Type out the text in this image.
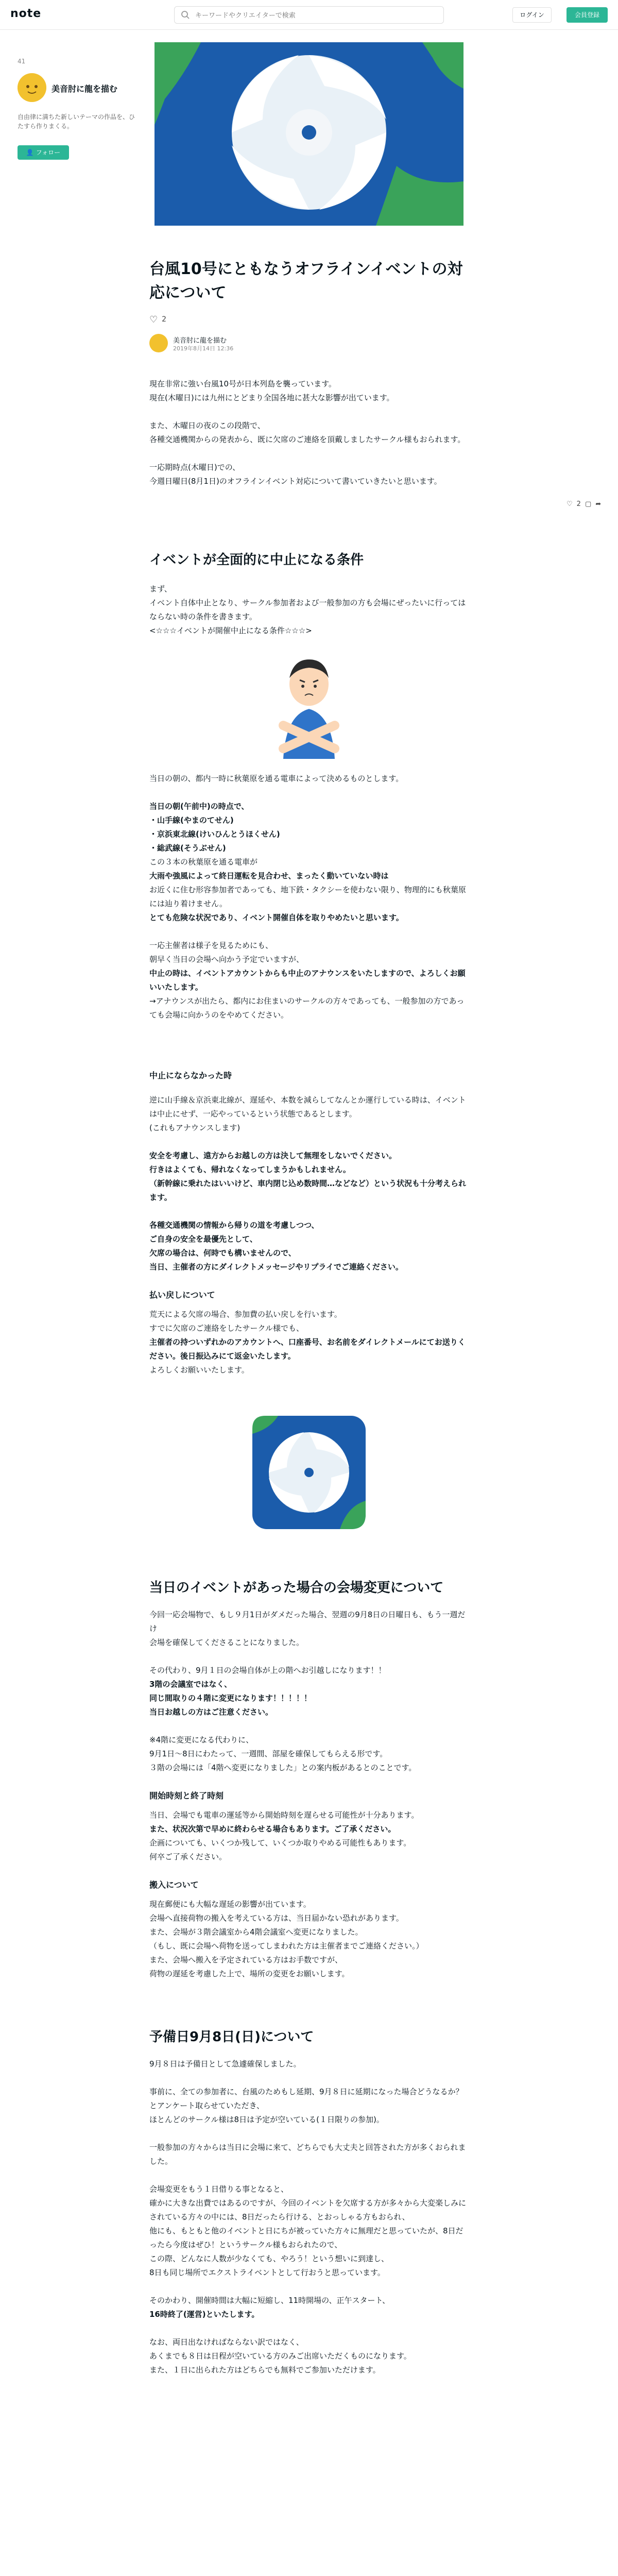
note
キーワードやクリエイターで検索	ログイン	会員登録
41
美音肘に龍を描む
自由律に満ちた新しいテーマの作品を、ひたすら作りまくる。
👤 フォロー
♡ 2 ▢ ➦
台風10号にともなうオフラインイベントの対応について
♡ 2
美音肘に龍を描む
2019年8月14日 12:36
現在非常に強い台風10号が日本列島を襲っています。
現在(木曜日)には九州にとどまり全国各地に甚大な影響が出ています。
また、木曜日の夜のこの段階で、
各種交通機関からの発表から、既に欠席のご連絡を頂戴しましたサークル様もおられます。
一応期時点(木曜日)での、
今週日曜日(8月1日)のオフラインイベント対応について書いていきたいと思います。
イベントが全面的に中止になる条件
まず、
イベント自体中止となり、サークル参加者および一般参加の方も会場にぜったいに行ってはならない時の条件を書きます。
<☆☆☆イベントが開催中止になる条件☆☆☆>
当日の朝の、都内一時に秋葉原を通る電車によって決めるものとします。
当日の朝(午前中)の時点で、
・山手線(やまのてせん)
・京浜東北線(けいひんとうほくせん)
・総武線(そうぶせん)
この３本の秋葉原を通る電車が
大雨や強風によって終日運転を見合わせ、まったく動いていない時は
お近くに住む形容参加者であっても、地下鉄・タクシーを使わない限り、物理的にも秋葉原には辿り着けません。
とても危険な状況であり、イベント開催自体を取りやめたいと思います。
一応主催者は様子を見るためにも、
朝早く当日の会場へ向かう予定でいますが、
中止の時は、イベントアカウントからも中止のアナウンスをいたしますので、よろしくお願いいたします。
→アナウンスが出たら、都内にお住まいのサークルの方々であっても、一般参加の方であっても会場に向かうのをやめてください。
中止にならなかった時
逆に山手線＆京浜東北線が、遅延や、本数を減らしてなんとか運行している時は、イベントは中止にせず、一応やっているという状態であるとします。
(これもアナウンスします)
安全を考慮し、遠方からお越しの方は決して無理をしないでください。
行きはよくても、帰れなくなってしまうかもしれません。
（新幹線に乗れたはいいけど、車内閉じ込め数時間…などなど）という状況も十分考えられます。
各種交通機関の情報から帰りの道を考慮しつつ、
ご自身の安全を最優先として、
欠席の場合は、何時でも構いませんので、
当日、主催者の方にダイレクトメッセージやリプライでご連絡ください。
払い戻しについて
荒天による欠席の場合、参加費の払い戻しを行います。
すでに欠席のご連絡をしたサークル様でも、
主催者の持ついずれかのアカウントへ、口座番号、お名前をダイレクトメールにてお送りください。後日振込みにて返金いたします。
よろしくお願いいたします。
当日のイベントがあった場合の会場変更について
今回一応会場物で、もし９月1日がダメだった場合、翌週の9月8日の日曜日も、もう一週だけ
会場を確保してくださることになりました。
その代わり、9月１日の会場自体が上の階へお引越しになります！！
3階の会議室ではなく、
同じ間取りの４階に変更になります！！！！！
当日お越しの方はご注意ください。
※4階に変更になる代わりに、
9月1日〜8日にわたって、一週間、部屋を確保してもらえる形です。
３階の会場には「4階へ変更になりました」との案内板があるとのことです。
開始時刻と終了時刻
当日、会場でも電車の運延等から開始時刻を遅らせる可能性が十分あります。
また、状況次第で早めに終わらせる場合もあります。ご了承ください。
企画についても、いくつか残して、いくつか取りやめる可能性もあります。
何卒ご了承ください。
搬入について
現在郵便にも大幅な遅延の影響が出ています。
会場へ直接荷物の搬入を考えている方は、当日届かない恐れがあります。
また、会場が３階会議室から4階会議室へ変更になりました。
（もし、既に会場へ荷物を送ってしまわれた方は主催者までご連絡ください。）
また、会場へ搬入を予定されている方はお手数ですが、
荷物の遅延を考慮した上で、場所の変更をお願いします。
予備日9月8日(日)について
9月８日は予備日として急遽確保しました。
事前に、全ての参加者に、台風のためもし延期、9月８日に延期になった場合どうなるか？とアンケート取らせていただき、
ほとんどのサークル様は8日は予定が空いている(１日限りの参加)。
一般参加の方々からは当日に会場に来て、どちらでも大丈夫と回答された方が多くおられました。
会場変更をもう１日借りる事となると、
確かに大きな出費ではあるのですが、今回のイベントを欠席する方が多々から大変楽しみにされている方々の中には、8日だったら行ける、とおっしゃる方もおられ、
他にも、もともと他のイベントと日にちが被っていた方々に無理だと思っていたが、8日だったら今度はぜひ！というサークル様もおられたので、
この際、どんなに人数が少なくても、やろう！という想いに到達し、
8日も同じ場所でエクストライベントとして行おうと思っています。
そのかわり、開催時間は大幅に短縮し、11時開場の、正午スタート、
16時終了(運営)といたします。
なお、両日出なければならない訳ではなく、
あくまでも８日は日程が空いている方のみご出席いただくものになります。
また、１日に出られた方はどちらでも無料でご参加いただけます。
